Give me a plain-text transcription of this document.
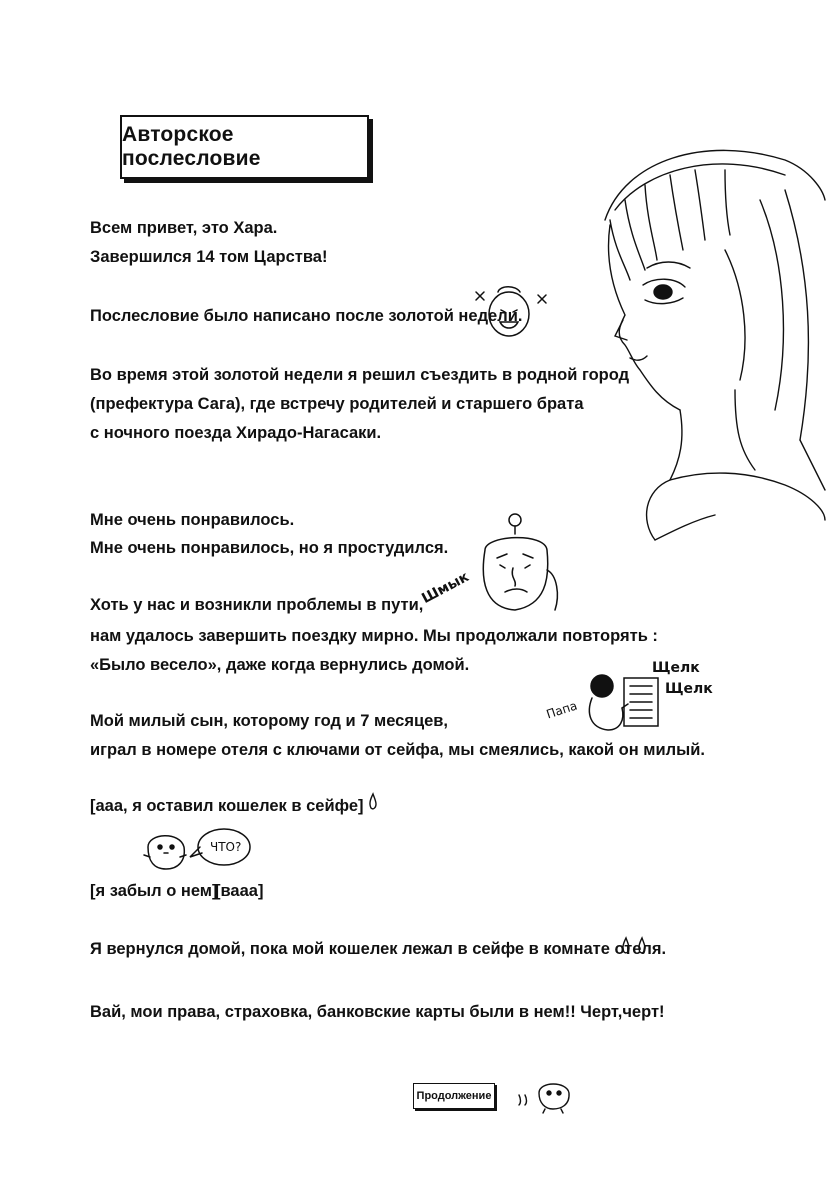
Авторское послесловие
Всем привет, это Хара.
Завершился 14 том Царства!
Послесловие было написано после золотой недели.
Во время этой золотой недели я решил съездить в родной город
(префектура Сага), где встречу родителей и старшего брата
с ночного поезда Хирадо-Нагасаки.
Мне очень понравилось.
Мне очень понравилось, но я простудился.
Шмык
Хоть у нас и возникли проблемы в пути,
нам удалось завершить поездку мирно. Мы продолжали повторять :
«Было весело», даже когда вернулись домой.	Щелк
Щелк
Папа
Мой милый сын, которому год и 7 месяцев,
играл в номере отеля с ключами от сейфа, мы смеялись, какой он милый.
[ааа, я оставил кошелек в сейфе]
ЧТО?
[я забыл о нем]
[вааа]
Я вернулся домой, пока мой кошелек лежал в сейфе в комнате отеля.
Вай, мои права, страховка, банковские карты были в нем!! Черт,черт!
Продолжение
